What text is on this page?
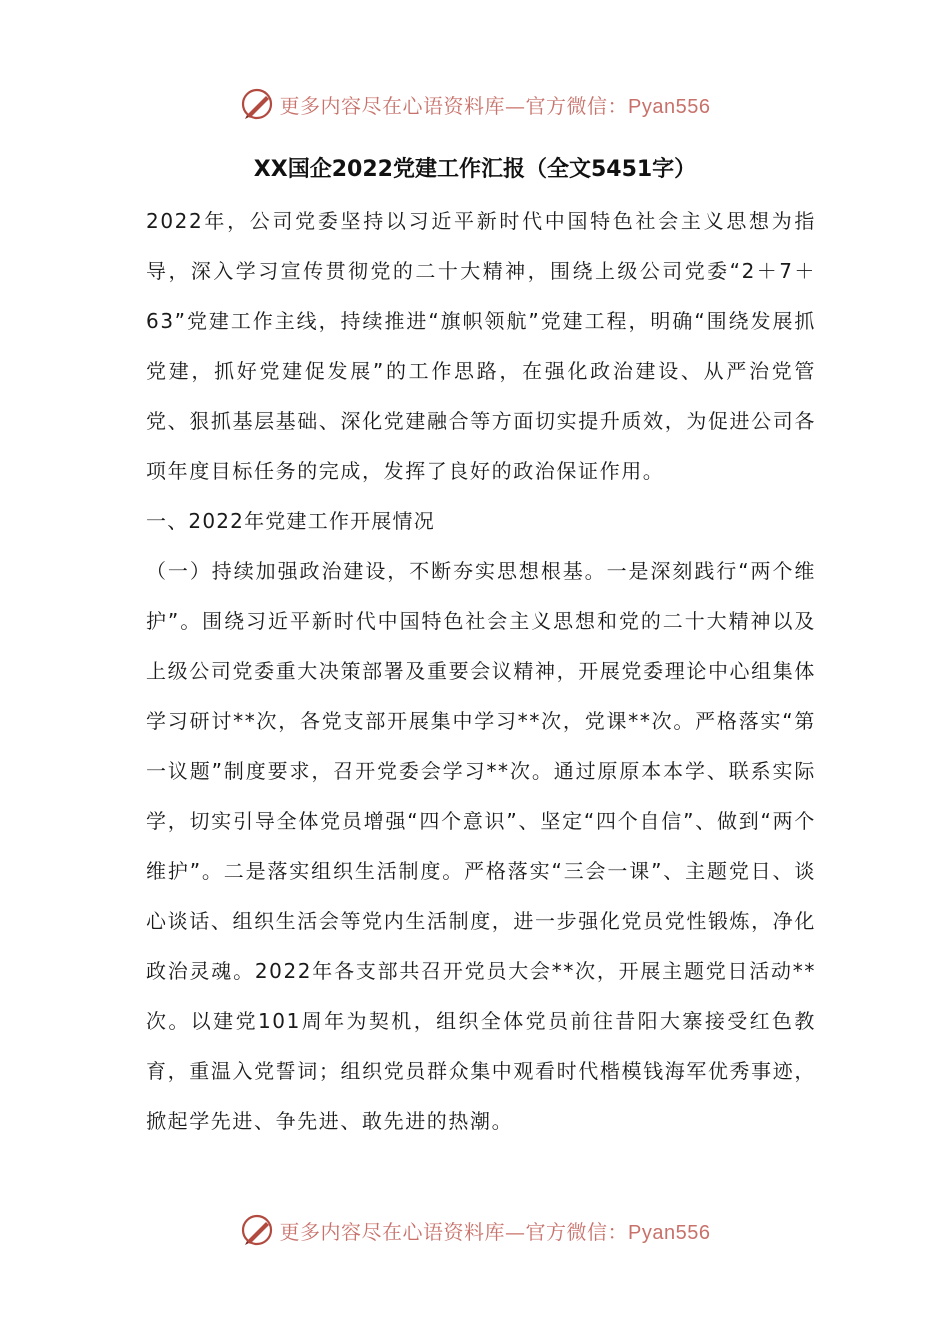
更多内容尽在心语资料库—官方微信：Pyan556
XX国企2022党建工作汇报（全文5451字）

2022年，公司党委坚持以习近平新时代中国特色社会主义思想为指导，深入学习宣传贯彻党的二十大精神，围绕上级公司党委“2＋7＋63”党建工作主线，持续推进“旗帜领航”党建工程，明确“围绕发展抓党建，抓好党建促发展”的工作思路，在强化政治建设、从严治党管党、狠抓基层基础、深化党建融合等方面切实提升质效，为促进公司各项年度目标任务的完成，发挥了良好的政治保证作用。

一、2022年党建工作开展情况

（一）持续加强政治建设，不断夯实思想根基。一是深刻践行“两个维护”。围绕习近平新时代中国特色社会主义思想和党的二十大精神以及上级公司党委重大决策部署及重要会议精神，开展党委理论中心组集体学习研讨**次，各党支部开展集中学习**次，党课**次。严格落实“第一议题”制度要求，召开党委会学习**次。通过原原本本学、联系实际学，切实引导全体党员增强“四个意识”、坚定“四个自信”、做到“两个维护”。二是落实组织生活制度。严格落实“三会一课”、主题党日、谈心谈话、组织生活会等党内生活制度，进一步强化党员党性锻炼，净化政治灵魂。2022年各支部共召开党员大会**次，开展主题党日活动**次。以建党101周年为契机，组织全体党员前往昔阳大寨接受红色教育，重温入党誓词；组织党员群众集中观看时代楷模钱海军优秀事迹，掀起学先进、争先进、敢先进的热潮。

更多内容尽在心语资料库—官方微信：Pyan556
